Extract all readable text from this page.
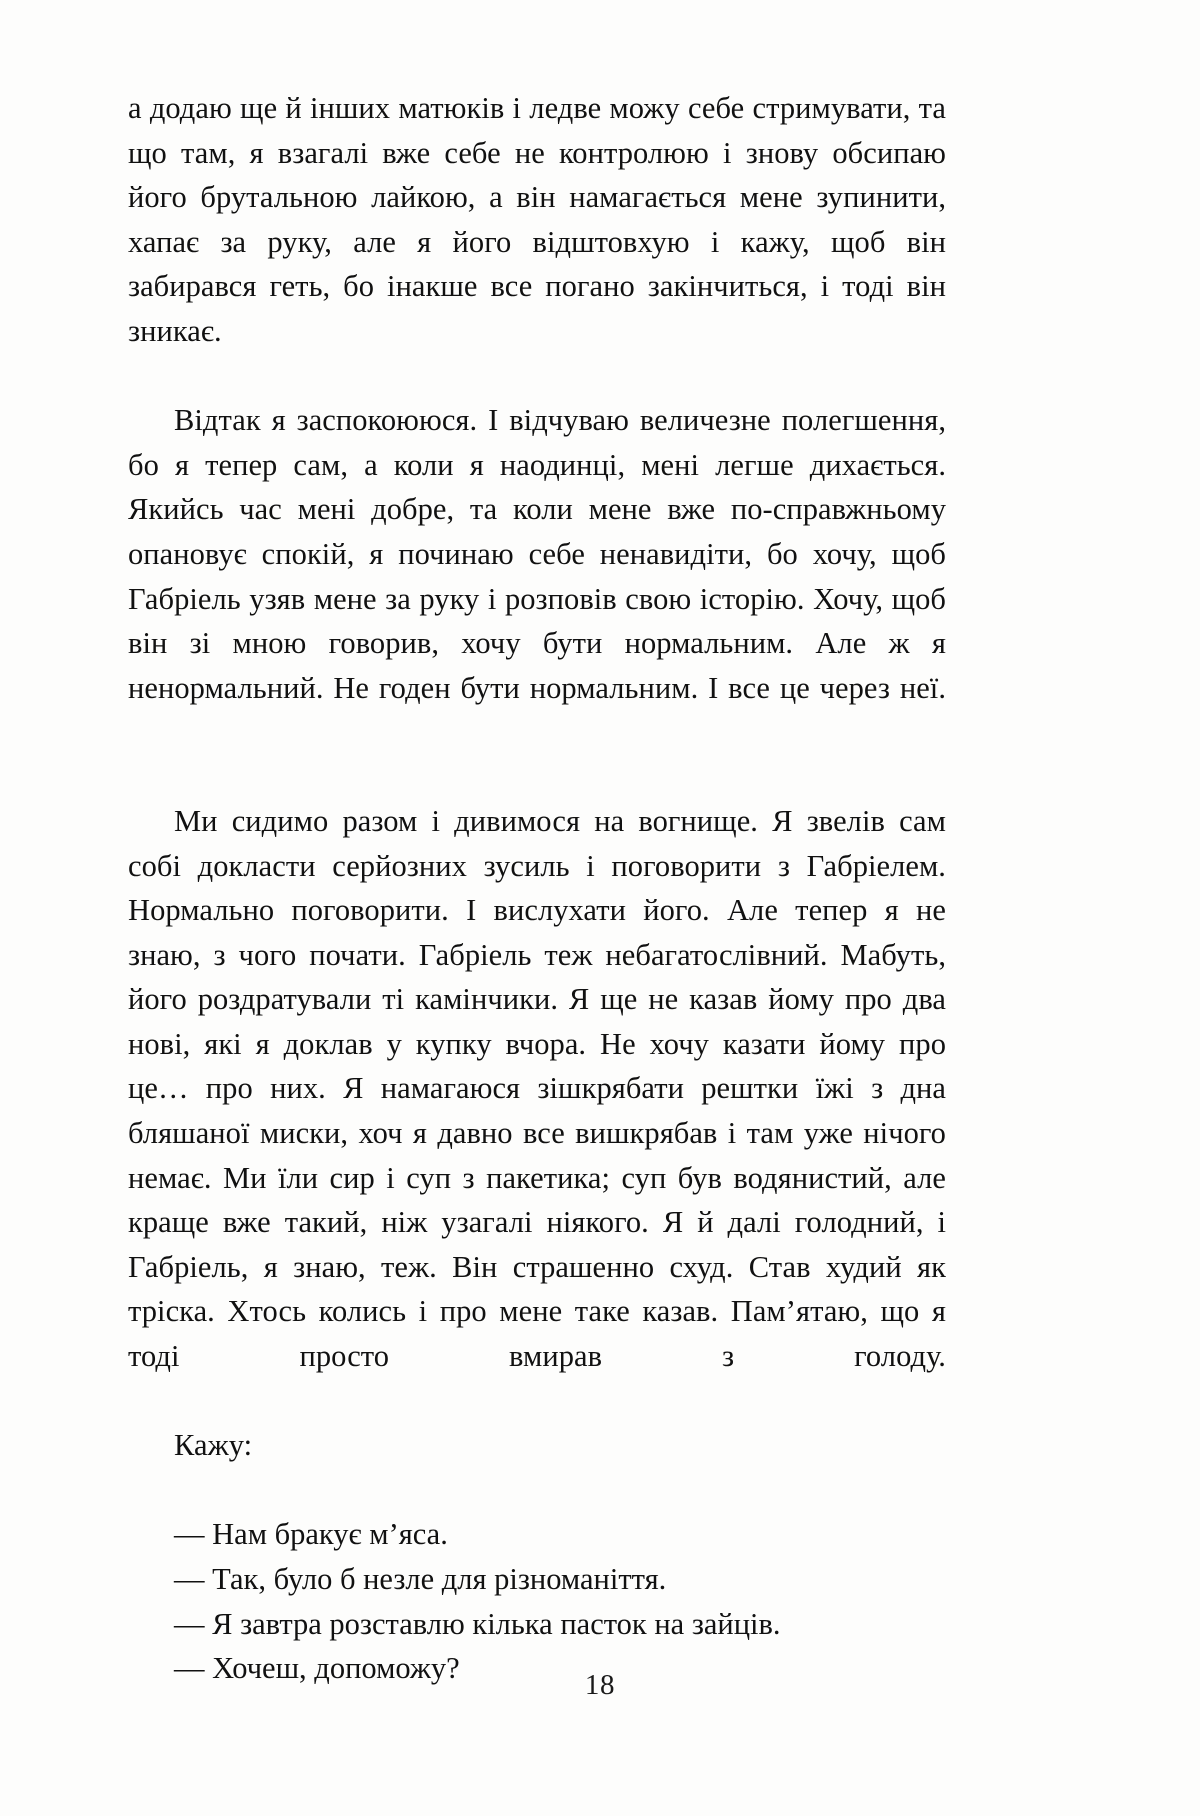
а додаю ще й інших матюків і ледве можу себе стримувати, та що там, я взагалі вже себе не контролюю і знову обсипаю його брутальною лайкою, а він намагається мене зупинити, хапає за руку, але я його відштовхую і кажу, щоб він забирався геть, бо інакше все погано закінчиться, і тоді він зникає.

Відтак я заспокоююся. І відчуваю величезне полегшення, бо я тепер сам, а коли я наодинці, мені легше дихається. Якийсь час мені добре, та коли мене вже по-справжньому опановує спокій, я починаю себе ненавидіти, бо хочу, щоб Габріель узяв мене за руку і розповів свою історію. Хочу, щоб він зі мною говорив, хочу бути нормальним. Але ж я ненормальний. Не годен бути нормальним. І все це через неї.

Ми сидимо разом і дивимося на вогнище. Я звелів сам собі докласти серйозних зусиль і поговорити з Габріелем. Нормально поговорити. І вислухати його. Але тепер я не знаю, з чого почати. Габріель теж небагатослівний. Мабуть, його роздратували ті камінчики. Я ще не казав йому про два нові, які я доклав у купку вчора. Не хочу казати йому про це… про них. Я намагаюся зішкрябати рештки їжі з дна бляшаної миски, хоч я давно все вишкрябав і там уже нічого немає. Ми їли сир і суп з пакетика; суп був водянистий, але краще вже такий, ніж узагалі ніякого. Я й далі голодний, і Габріель, я знаю, теж. Він страшенно схуд. Став худий як тріска. Хтось колись і про мене таке казав. Пам’ятаю, що я тоді просто вмирав з голоду.

Кажу:

— Нам бракує м’яса.

— Так, було б незле для різноманіття.

— Я завтра розставлю кілька пасток на зайців.

— Хочеш, допоможу?	18
